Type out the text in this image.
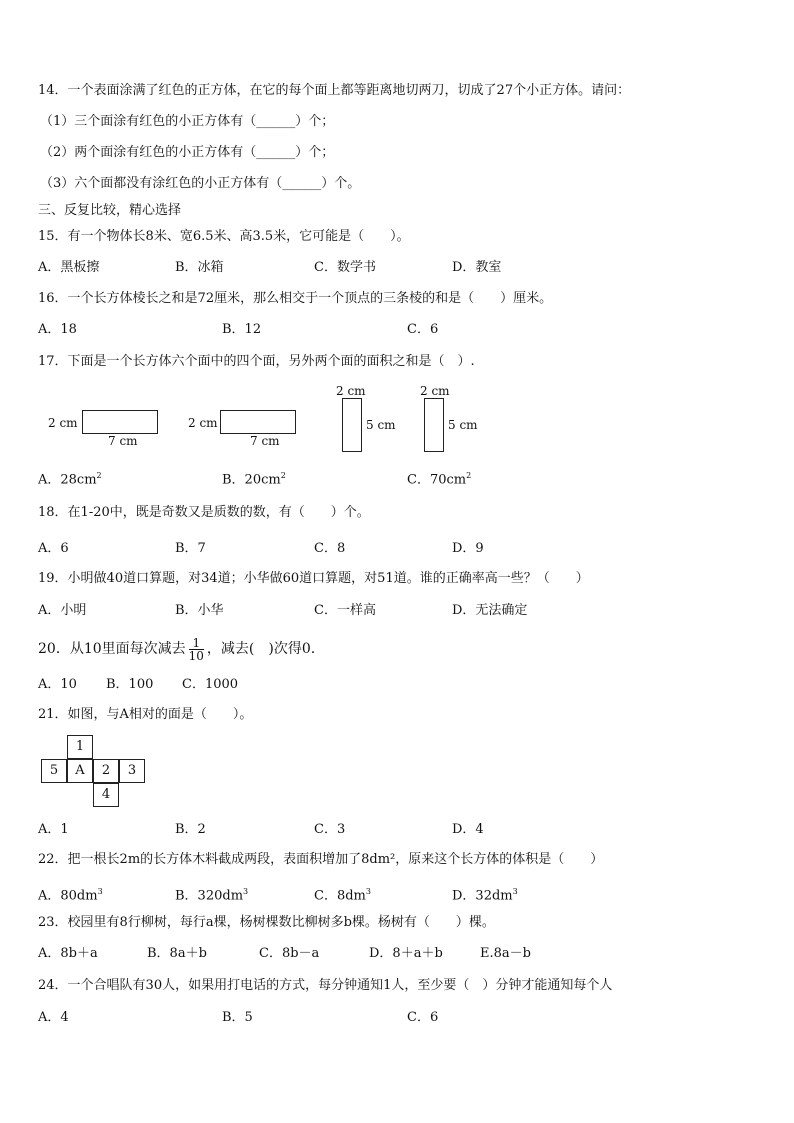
14．一个表面涂满了红色的正方体，在它的每个面上都等距离地切两刀，切成了27个小正方体。请问：
（1）三个面涂有红色的小正方体有（______）个；
（2）两个面涂有红色的小正方体有（______）个；
（3）六个面都没有涂红色的小正方体有（______）个。
三、反复比较，精心选择
15．有一个物体长8米、宽6.5米、高3.5米，它可能是（　　）。
A．黑板擦	B．冰箱	C．数学书	D．教室
16．一个长方体棱长之和是72厘米，那么相交于一个顶点的三条棱的和是（　　）厘米。
A．18	B．12	C．6
17．下面是一个长方体六个面中的四个面，另外两个面的面积之和是（　）.
2 cm
7 cm
2 cm
7 cm
2 cm
5 cm
2 cm
5 cm
A．$28cm^2$	B．$20cm^2$	C．$70cm^2$
18．在1-20中，既是奇数又是质数的数，有（　　）个。
A．6	B．7	C．8	D．9
19．小明做40道口算题，对34道；小华做60道口算题，对51道。谁的正确率高一些？（　　）
A．小明	B．小华	C．一样高	D．无法确定
20．从10里面每次减去 $\frac{1}{10}$ ，减去(　)次得0.
A．10 B．100 C．1000
21．如图，与A相对的面是（　　）。
1
5	A	2	3
4
A．1	B．2	C．3	D．4
22．把一根长2m的长方体木料截成两段，表面积增加了8dm²，原来这个长方体的体积是（　　）
A．$80dm^3$	B．$320dm^3$	C．$8dm^3$	D．$32dm^3$
23．校园里有8行柳树，每行a棵，杨树棵数比柳树多b棵。杨树有（　　）棵。
A．8b＋a	B．8a＋b	C．8b－a	D．8＋a＋b	E.8a－b
24．一个合唱队有30人，如果用打电话的方式，每分钟通知1人，至少要（　）分钟才能通知每个人
A．4	B．5	C．6
